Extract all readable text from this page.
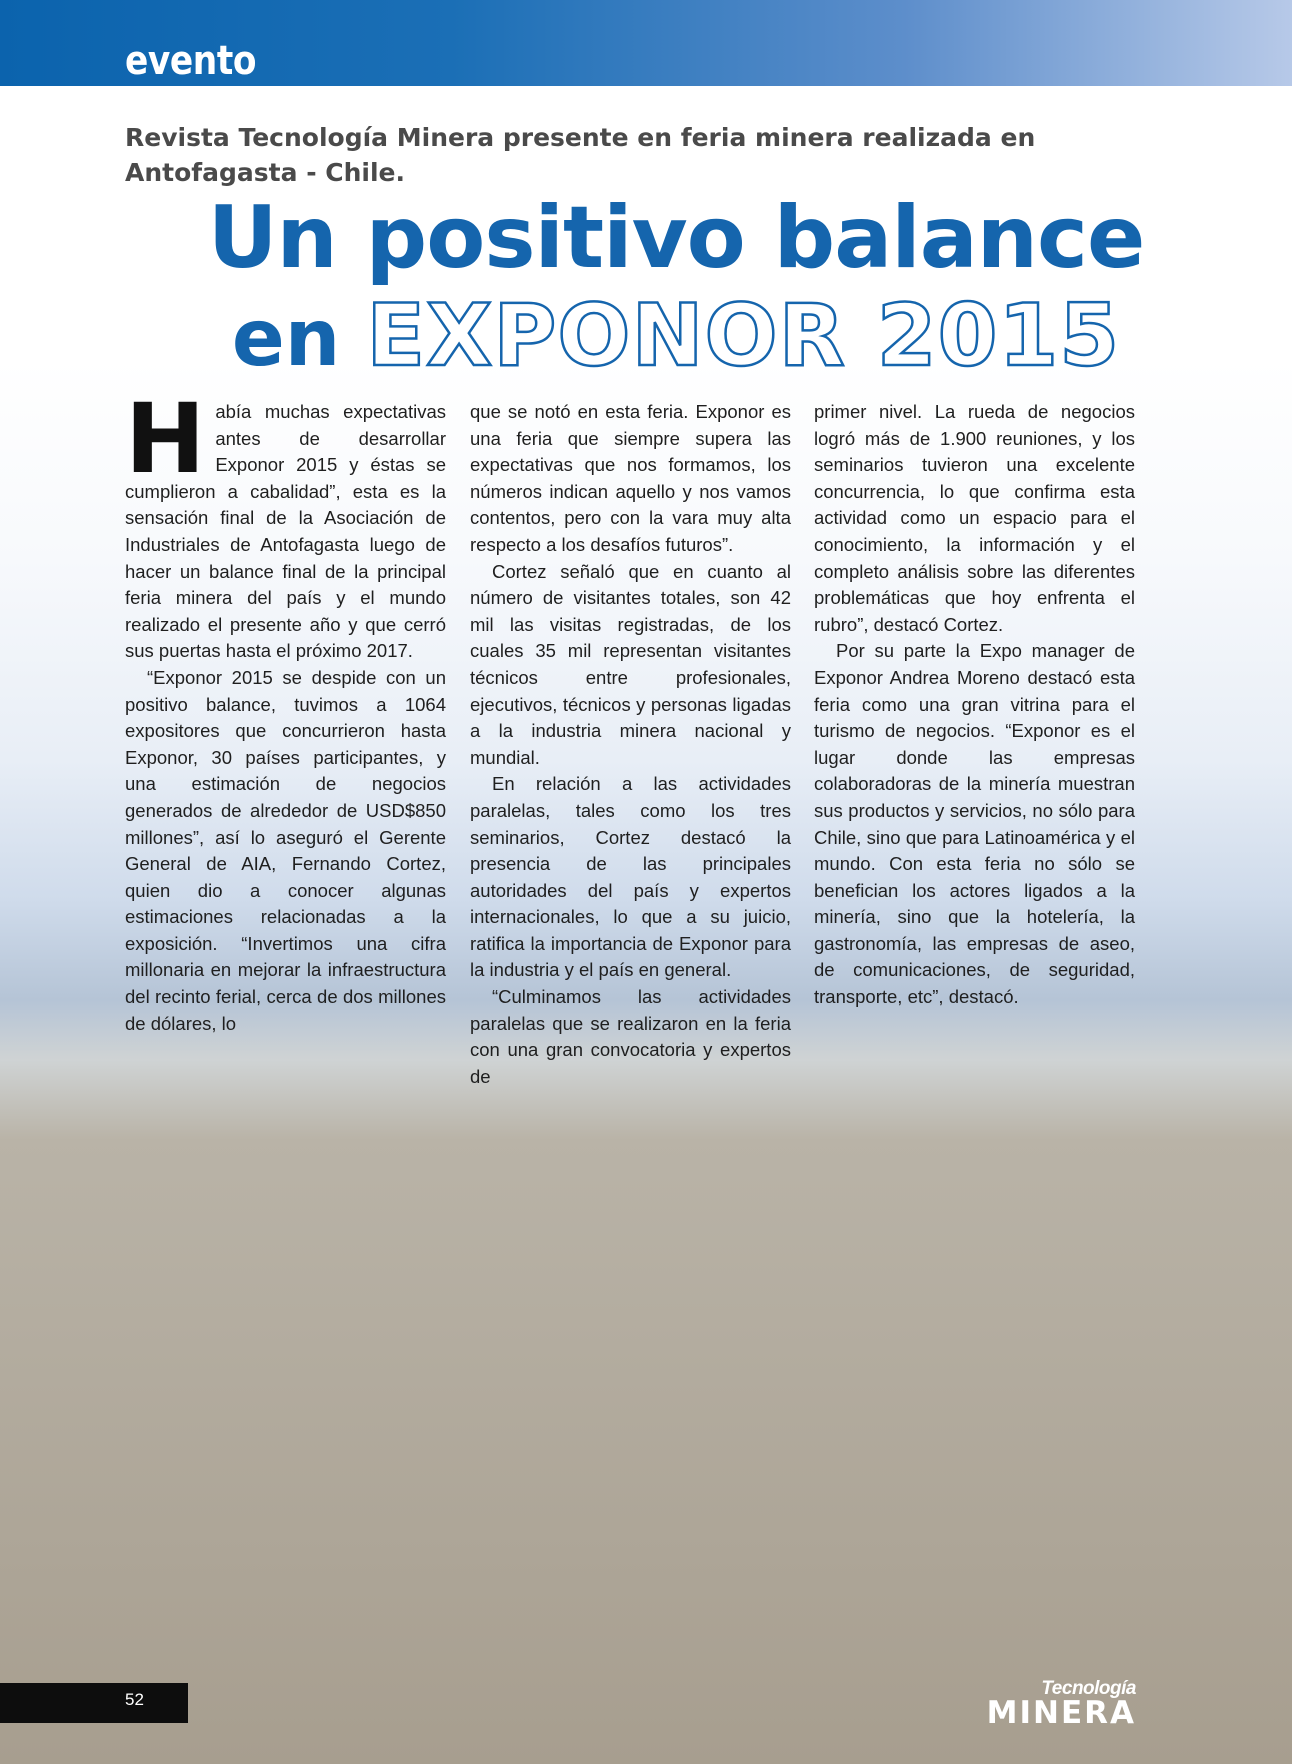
evento
Revista Tecnología Minera presente en feria minera realizada en Antofagasta - Chile.
Un positivo balance
en EXPONOR 2015
H abía muchas expectativas antes de desarrollar Exponor 2015 y éstas se cumplieron a cabalidad”, esta es la sensación final de la Asociación de Industriales de Antofagasta luego de hacer un balance final de la principal feria minera del país y el mundo realizado el presente año y que cerró sus puertas hasta el próximo 2017.

“Exponor 2015 se despide con un positivo balance, tuvimos a 1064 expositores que concurrieron hasta Exponor, 30 países participantes, y una estimación de negocios generados de alrededor de USD$850 millones”, así lo aseguró el Gerente General de AIA, Fernando Cortez, quien dio a conocer algunas estimaciones relacionadas a la exposición. “Invertimos una cifra millonaria en mejorar la infraestructura del recinto ferial, cerca de dos millones de dólares, lo

que se notó en esta feria. Exponor es una feria que siempre supera las expectativas que nos formamos, los números indican aquello y nos vamos contentos, pero con la vara muy alta respecto a los desafíos futuros”.

Cortez señaló que en cuanto al número de visitantes totales, son 42 mil las visitas registradas, de los cuales 35 mil representan visitantes técnicos entre profesionales, ejecutivos, técnicos y personas ligadas a la industria minera nacional y mundial.

En relación a las actividades paralelas, tales como los tres seminarios, Cortez destacó la presencia de las principales autoridades del país y expertos internacionales, lo que a su juicio, ratifica la importancia de Exponor para la industria y el país en general.

“Culminamos las actividades paralelas que se realizaron en la feria con una gran convocatoria y expertos de

primer nivel. La rueda de negocios logró más de 1.900 reuniones, y los seminarios tuvieron una excelente concurrencia, lo que confirma esta actividad como un espacio para el conocimiento, la información y el completo análisis sobre las diferentes problemáticas que hoy enfrenta el rubro”, destacó Cortez.

Por su parte la Expo manager de Exponor Andrea Moreno destacó esta feria como una gran vitrina para el turismo de negocios. “Exponor es el lugar donde las empresas colaboradoras de la minería muestran sus productos y servicios, no sólo para Chile, sino que para Latinoamérica y el mundo. Con esta feria no sólo se benefician los actores ligados a la minería, sino que la hotelería, la gastronomía, las empresas de aseo, de comunicaciones, de seguridad, transporte, etc”, destacó.

52
Tecnología
MINERA
